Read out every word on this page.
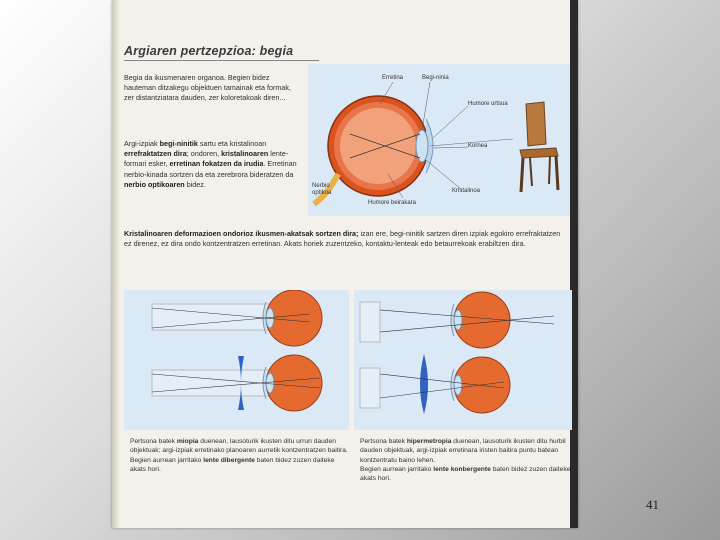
Argiaren pertzepzioa: begia
Begia da ikusmenaren organoa. Begien bidez hauteman ditzakegu objektuen tamainak eta formak, zer distantziatara dauden, zer koloretakoak diren...
Argi-izpiak begi-ninitik sartu eta kristalinoan errefraktatzen dira; ondoren, kristalinoaren lente-formari esker, erretinan fokatzen da irudia. Erretinan nerbio-kinada sortzen da eta zerebrora bideratzen da nerbio optikoaren bidez.
Erretina	Begi-ninia
Humore urtsua
Kornea
Nerbio optikoa
Humore beirakara
Kristalinoa
Kristalinoaren deformazioen ondorioz ikusmen-akatsak sortzen dira; izan ere, begi-ninitik sartzen diren izpiak egokiro errefraktatzen ez direnez, ez dira ondo kontzentratzen erretinan. Akats horiek zuzentzeko, kontaktu-lenteak edo betaurrekoak erabiltzen dira.
Pertsona batek miopia duenean, lausoturik ikusten ditu urrun dauden objektuak; argi-izpiak erretinako planoaren aurretik kontzentratzen baitira.
Begien aurrean jarritako lente dibergente baten bidez zuzen daiteke akats hori.
Pertsona batek hipermetropia duenean, lausoturik ikusten ditu hurbil dauden objektuak, argi-izpiak erretinara iristen baitira puntu batean kontzentratu baino lehen.
Begien aurrean jarritako lente konbergente baten bidez zuzen daiteke akats hori.
41
